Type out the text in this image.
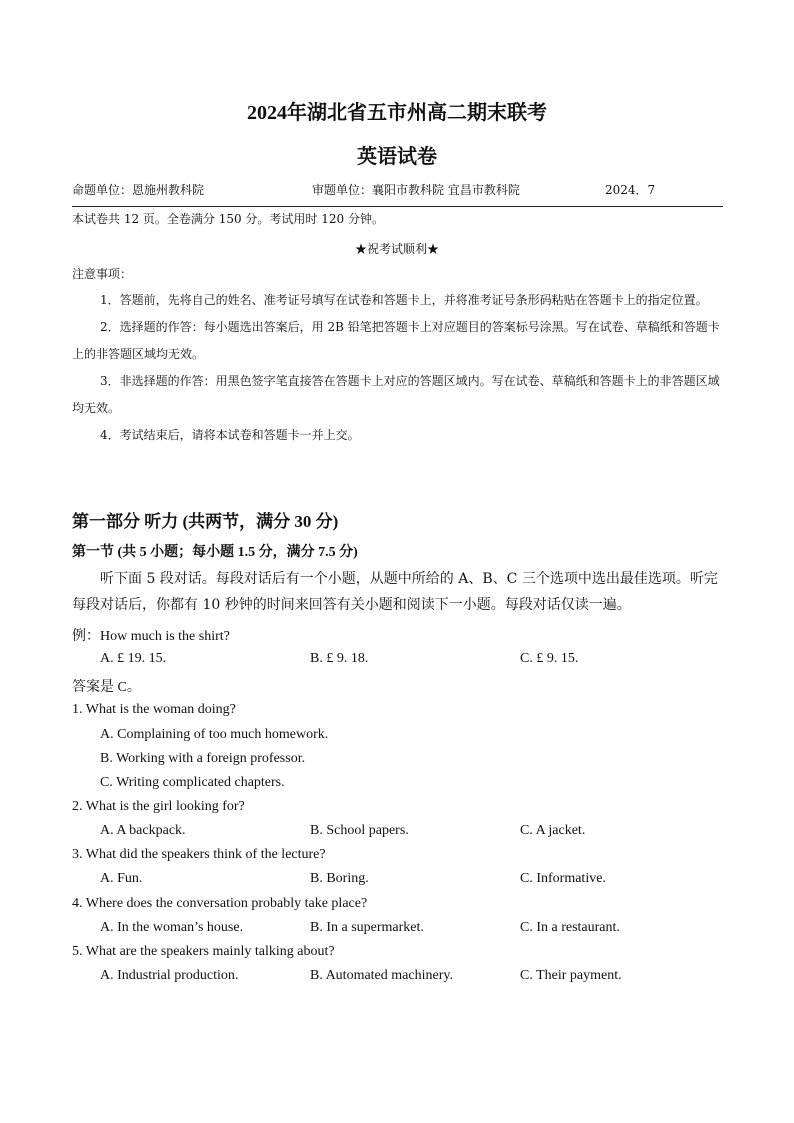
2024年湖北省五市州高二期末联考
英语试卷
命题单位：恩施州教科院	审题单位：襄阳市教科院 宜昌市教科院	2024．7
本试卷共 12 页。全卷满分 150 分。考试用时 120 分钟。
★祝考试顺利★
注意事项：
1．答题前，先将自己的姓名、准考证号填写在试卷和答题卡上，并将准考证号条形码粘贴在答题卡上的指定位置。
2．选择题的作答：每小题选出答案后，用 2B 铅笔把答题卡上对应题目的答案标号涂黑。写在试卷、草稿纸和答题卡上的非答题区域均无效。
3．非选择题的作答：用黑色签字笔直接答在答题卡上对应的答题区域内。写在试卷、草稿纸和答题卡上的非答题区域均无效。
4．考试结束后，请将本试卷和答题卡一并上交。
第一部分 听力 (共两节，满分 30 分)
第一节 (共 5 小题；每小题 1.5 分，满分 7.5 分)
听下面 5 段对话。每段对话后有一个小题，从题中所给的 A、B、C 三个选项中选出最佳选项。听完每段对话后，你都有 10 秒钟的时间来回答有关小题和阅读下一小题。每段对话仅读一遍。
例：How much is the shirt?
A. £ 19. 15.	B. £ 9. 18.	C. £ 9. 15.
答案是 C。
1. What is the woman doing?
A. Complaining of too much homework.
B. Working with a foreign professor.
C. Writing complicated chapters.
2. What is the girl looking for?
A. A backpack.	B. School papers.	C. A jacket.
3. What did the speakers think of the lecture?
A. Fun.	B. Boring.	C. Informative.
4. Where does the conversation probably take place?
A. In the woman’s house.	B. In a supermarket.	C. In a restaurant.
5. What are the speakers mainly talking about?
A. Industrial production.	B. Automated machinery.	C. Their payment.
